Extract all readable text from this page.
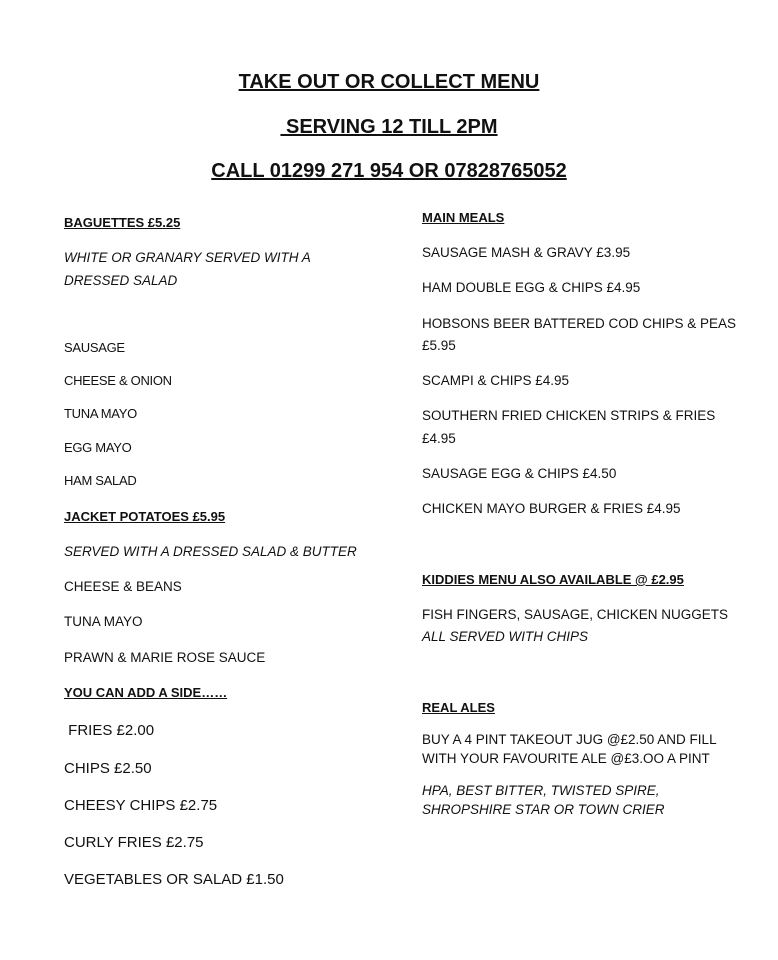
TAKE OUT OR COLLECT MENU
SERVING 12 TILL 2PM
CALL 01299 271 954 OR 07828765052
BAGUETTES £5.25
WHITE OR GRANARY SERVED WITH A
DRESSED SALAD
SAUSAGE
CHEESE & ONION
TUNA MAYO
EGG MAYO
HAM SALAD
JACKET POTATOES £5.95
SERVED WITH A DRESSED SALAD & BUTTER
CHEESE & BEANS
TUNA MAYO
PRAWN & MARIE ROSE SAUCE
YOU CAN ADD A SIDE……
FRIES £2.00
CHIPS £2.50
CHEESY CHIPS £2.75
CURLY FRIES £2.75
VEGETABLES OR SALAD £1.50
MAIN MEALS
SAUSAGE MASH & GRAVY £3.95
HAM DOUBLE EGG & CHIPS £4.95
HOBSONS BEER BATTERED COD CHIPS & PEAS
£5.95
SCAMPI & CHIPS £4.95
SOUTHERN FRIED CHICKEN STRIPS & FRIES
£4.95
SAUSAGE EGG & CHIPS £4.50
CHICKEN MAYO BURGER & FRIES £4.95
KIDDIES MENU ALSO AVAILABLE @ £2.95
FISH FINGERS, SAUSAGE, CHICKEN NUGGETS
ALL SERVED WITH CHIPS
REAL ALES
BUY A 4 PINT TAKEOUT JUG @£2.50 AND FILL
WITH YOUR FAVOURITE ALE @£3.OO A PINT
HPA, BEST BITTER, TWISTED SPIRE,
SHROPSHIRE STAR OR TOWN CRIER
